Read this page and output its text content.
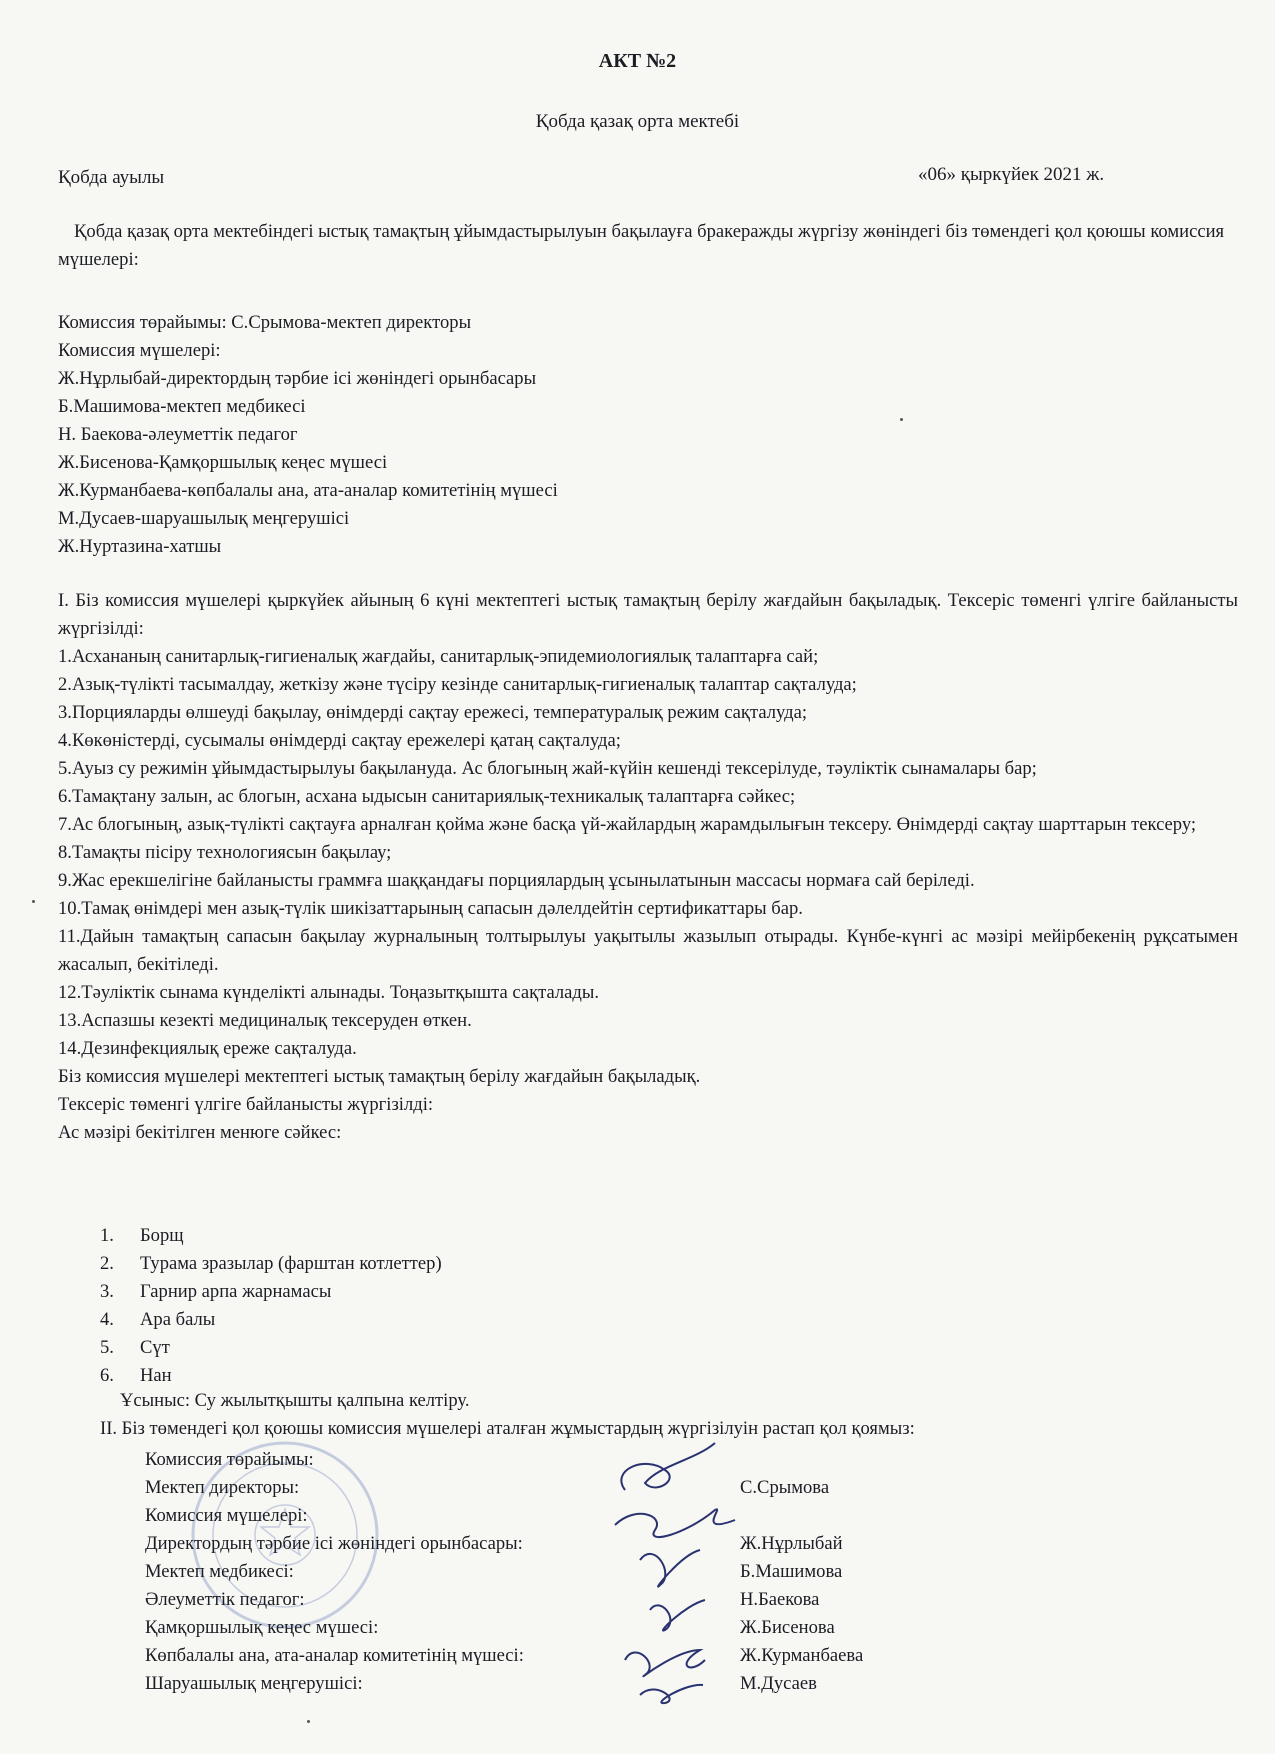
АКТ №2
Қобда қазақ орта мектебі
Қобда ауылы	«06» қыркүйек 2021 ж.
Қобда қазақ орта мектебіндегі ыстық тамақтың ұйымдастырылуын бақылауға бракеражды жүргізу жөніндегі біз төмендегі қол қоюшы комиссия мүшелері:
Комиссия төрайымы: С.Срымова-мектеп директоры
Комиссия мүшелері:
Ж.Нұрлыбай-директордың тәрбие ісі жөніндегі орынбасары
Б.Машимова-мектеп медбикесі
Н. Баекова-әлеуметтік педагог
Ж.Бисенова-Қамқоршылық кеңес мүшесі
Ж.Курманбаева-көпбалалы ана, ата-аналар комитетінің мүшесі
М.Дусаев-шаруашылық меңгерушісі
Ж.Нуртазина-хатшы

I. Біз комиссия мүшелері қыркүйек айының 6 күні мектептегі ыстық тамақтың берілу жағдайын бақыладық. Тексеріс төменгі үлгіге байланысты жүргізілді:

1.Асхананың санитарлық-гигиеналық жағдайы, санитарлық-эпидемиологиялық талаптарға сай;

2.Азық-түлікті тасымалдау, жеткізу және түсіру кезінде санитарлық-гигиеналық талаптар сақталуда;

3.Порцияларды өлшеуді бақылау, өнімдерді сақтау ережесі, температуралық режим сақталуда;

4.Көкөністерді, сусымалы өнімдерді сақтау ережелері қатаң сақталуда;

5.Ауыз су режимін ұйымдастырылуы бақылануда. Ас блогының жай-күйін кешенді тексерілуде, тәуліктік сынамалары бар;

6.Тамақтану залын, ас блогын, асхана ыдысын санитариялық-техникалық талаптарға сәйкес;

7.Ас блогының, азық-түлікті сақтауға арналған қойма және басқа үй-жайлардың жарамдылығын тексеру. Өнімдерді сақтау шарттарын тексеру;

8.Тамақты пісіру технологиясын бақылау;

9.Жас ерекшелігіне байланысты граммға шаққандағы порциялардың ұсынылатынын массасы нормаға сай беріледі.

10.Тамақ өнімдері мен азық-түлік шикізаттарының сапасын дәлелдейтін сертификаттары бар.

11.Дайын тамақтың сапасын бақылау журналының толтырылуы уақытылы жазылып отырады. Күнбе-күнгі ас мәзірі мейірбекенің рұқсатымен жасалып, бекітіледі.

12.Тәуліктік сынама күнделікті алынады. Тоңазытқышта сақталады.

13.Аспазшы кезекті медициналық тексеруден өткен.

14.Дезинфекциялық ереже сақталуда.

Біз комиссия мүшелері мектептегі ыстық тамақтың берілу жағдайын бақыладық.

Тексеріс төменгі үлгіге байланысты жүргізілді:

Ас мәзірі бекітілген менюге сәйкес:

1. Борщ
2. Турама зразылар (фарштан котлеттер)
3. Гарнир арпа жарнамасы
4. Ара балы
5. Сүт
6. Нан
Ұсыныс: Су жылытқышты қалпына келтіру.
II. Біз төмендегі қол қоюшы комиссия мүшелері аталған жұмыстардың жүргізілуін растап қол қоямыз:
Комиссия төрайымы:
Мектеп директоры:	С.Срымова
Комиссия мүшелері:
Директордың тәрбие ісі жөніндегі орынбасары:	Ж.Нұрлыбай
Мектеп медбикесі:	Б.Машимова
Әлеуметтік педагог:	Н.Баекова
Қамқоршылық кеңес мүшесі:	Ж.Бисенова
Көпбалалы ана, ата-аналар комитетінің мүшесі:	Ж.Курманбаева
Шаруашылық меңгерушісі:	М.Дусаев
